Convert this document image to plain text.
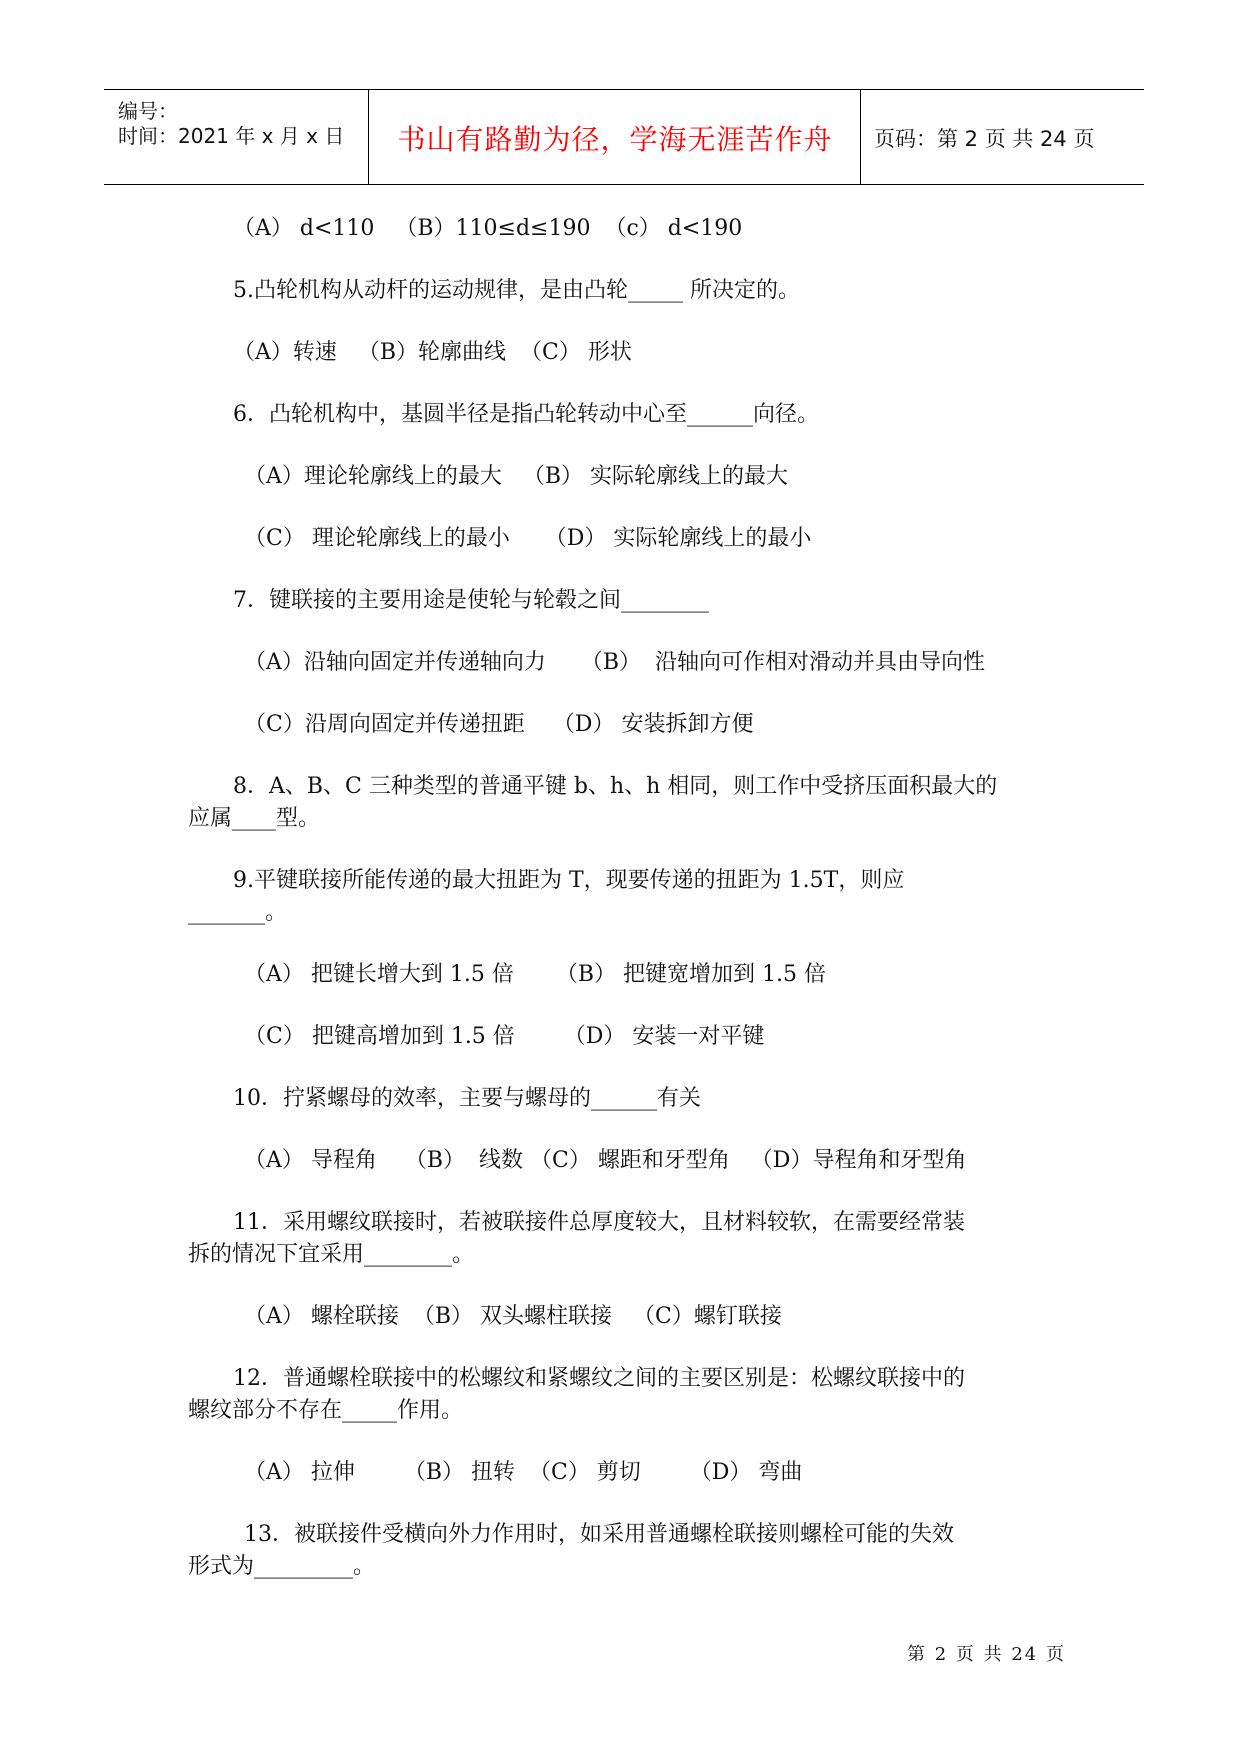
编号：
时间：2021 年 x 月 x 日	书山有路勤为径，学海无涯苦作舟	页码：第 2 页 共 24 页
（A） d<110   （B）110≤d≤190  （c） d<190
5.凸轮机构从动杆的运动规律，是由凸轮_____ 所决定的。
（A）转速   （B）轮廓曲线  （C） 形状
6．凸轮机构中，基圆半径是指凸轮转动中心至______向径。
（A）理论轮廓线上的最大   （B） 实际轮廓线上的最大
（C） 理论轮廓线上的最小     （D） 实际轮廓线上的最小
7．键联接的主要用途是使轮与轮毂之间________
（A）沿轴向固定并传递轴向力     （B）  沿轴向可作相对滑动并具由导向性
（C）沿周向固定并传递扭距    （D） 安装拆卸方便
8．A、B、C 三种类型的普通平键 b、h、h 相同，则工作中受挤压面积最大的
应属____型。
9.平键联接所能传递的最大扭距为 T，现要传递的扭距为 1.5T，则应
_______。
（A） 把键长增大到 1.5 倍      （B） 把键宽增加到 1.5 倍
（C） 把键高增加到 1.5 倍       （D） 安装一对平键
10．拧紧螺母的效率，主要与螺母的______有关
（A） 导程角    （B）  线数 （C） 螺距和牙型角   （D）导程角和牙型角
11．采用螺纹联接时，若被联接件总厚度较大，且材料较软，在需要经常装
拆的情况下宜采用________。
（A） 螺栓联接  （B） 双头螺柱联接   （C）螺钉联接
12．普通螺栓联接中的松螺纹和紧螺纹之间的主要区别是：松螺纹联接中的
螺纹部分不存在_____作用。
（A） 拉伸       （B） 扭转  （C） 剪切       （D） 弯曲
13．被联接件受横向外力作用时，如采用普通螺栓联接则螺栓可能的失效
形式为_________。
第 2 页 共 24 页
